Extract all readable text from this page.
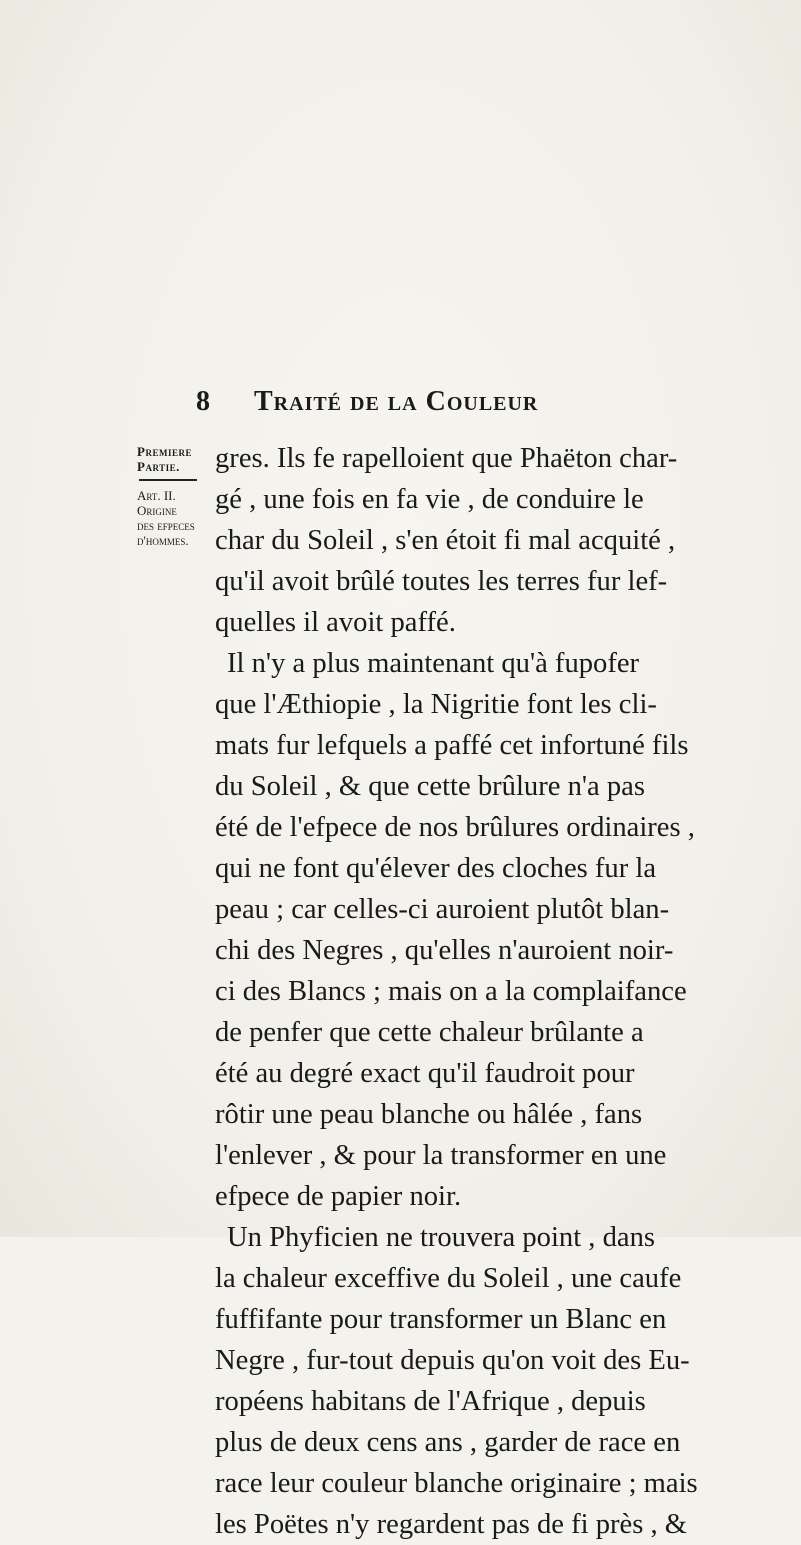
8 Traité de la Couleur
Premiere
Partie.
Art. II.
Origine
des efpeces
d'hommes.
gres. Ils fe rapelloient que Phaëton char-
gé , une fois en fa vie , de conduire le
char du Soleil , s'en étoit fi mal acquité ,
qu'il avoit brûlé toutes les terres fur lef-
quelles il avoit paffé.
Il n'y a plus maintenant qu'à fupofer
que l'Æthiopie , la Nigritie font les cli-
mats fur lefquels a paffé cet infortuné fils
du Soleil , & que cette brûlure n'a pas
été de l'efpece de nos brûlures ordinaires ,
qui ne font qu'élever des cloches fur la
peau ; car celles-ci auroient plutôt blan-
chi des Negres , qu'elles n'auroient noir-
ci des Blancs ; mais on a la complaifance
de penfer que cette chaleur brûlante a
été au degré exact qu'il faudroit pour
rôtir une peau blanche ou hâlée , fans
l'enlever , & pour la transformer en une
efpece de papier noir.
Un Phyficien ne trouvera point , dans
la chaleur exceffive du Soleil , une caufe
fuffifante pour transformer un Blanc en
Negre , fur-tout depuis qu'on voit des Eu-
ropéens habitans de l'Afrique , depuis
plus de deux cens ans , garder de race en
race leur couleur blanche originaire ; mais
les Poëtes n'y regardent pas de fi près , &
